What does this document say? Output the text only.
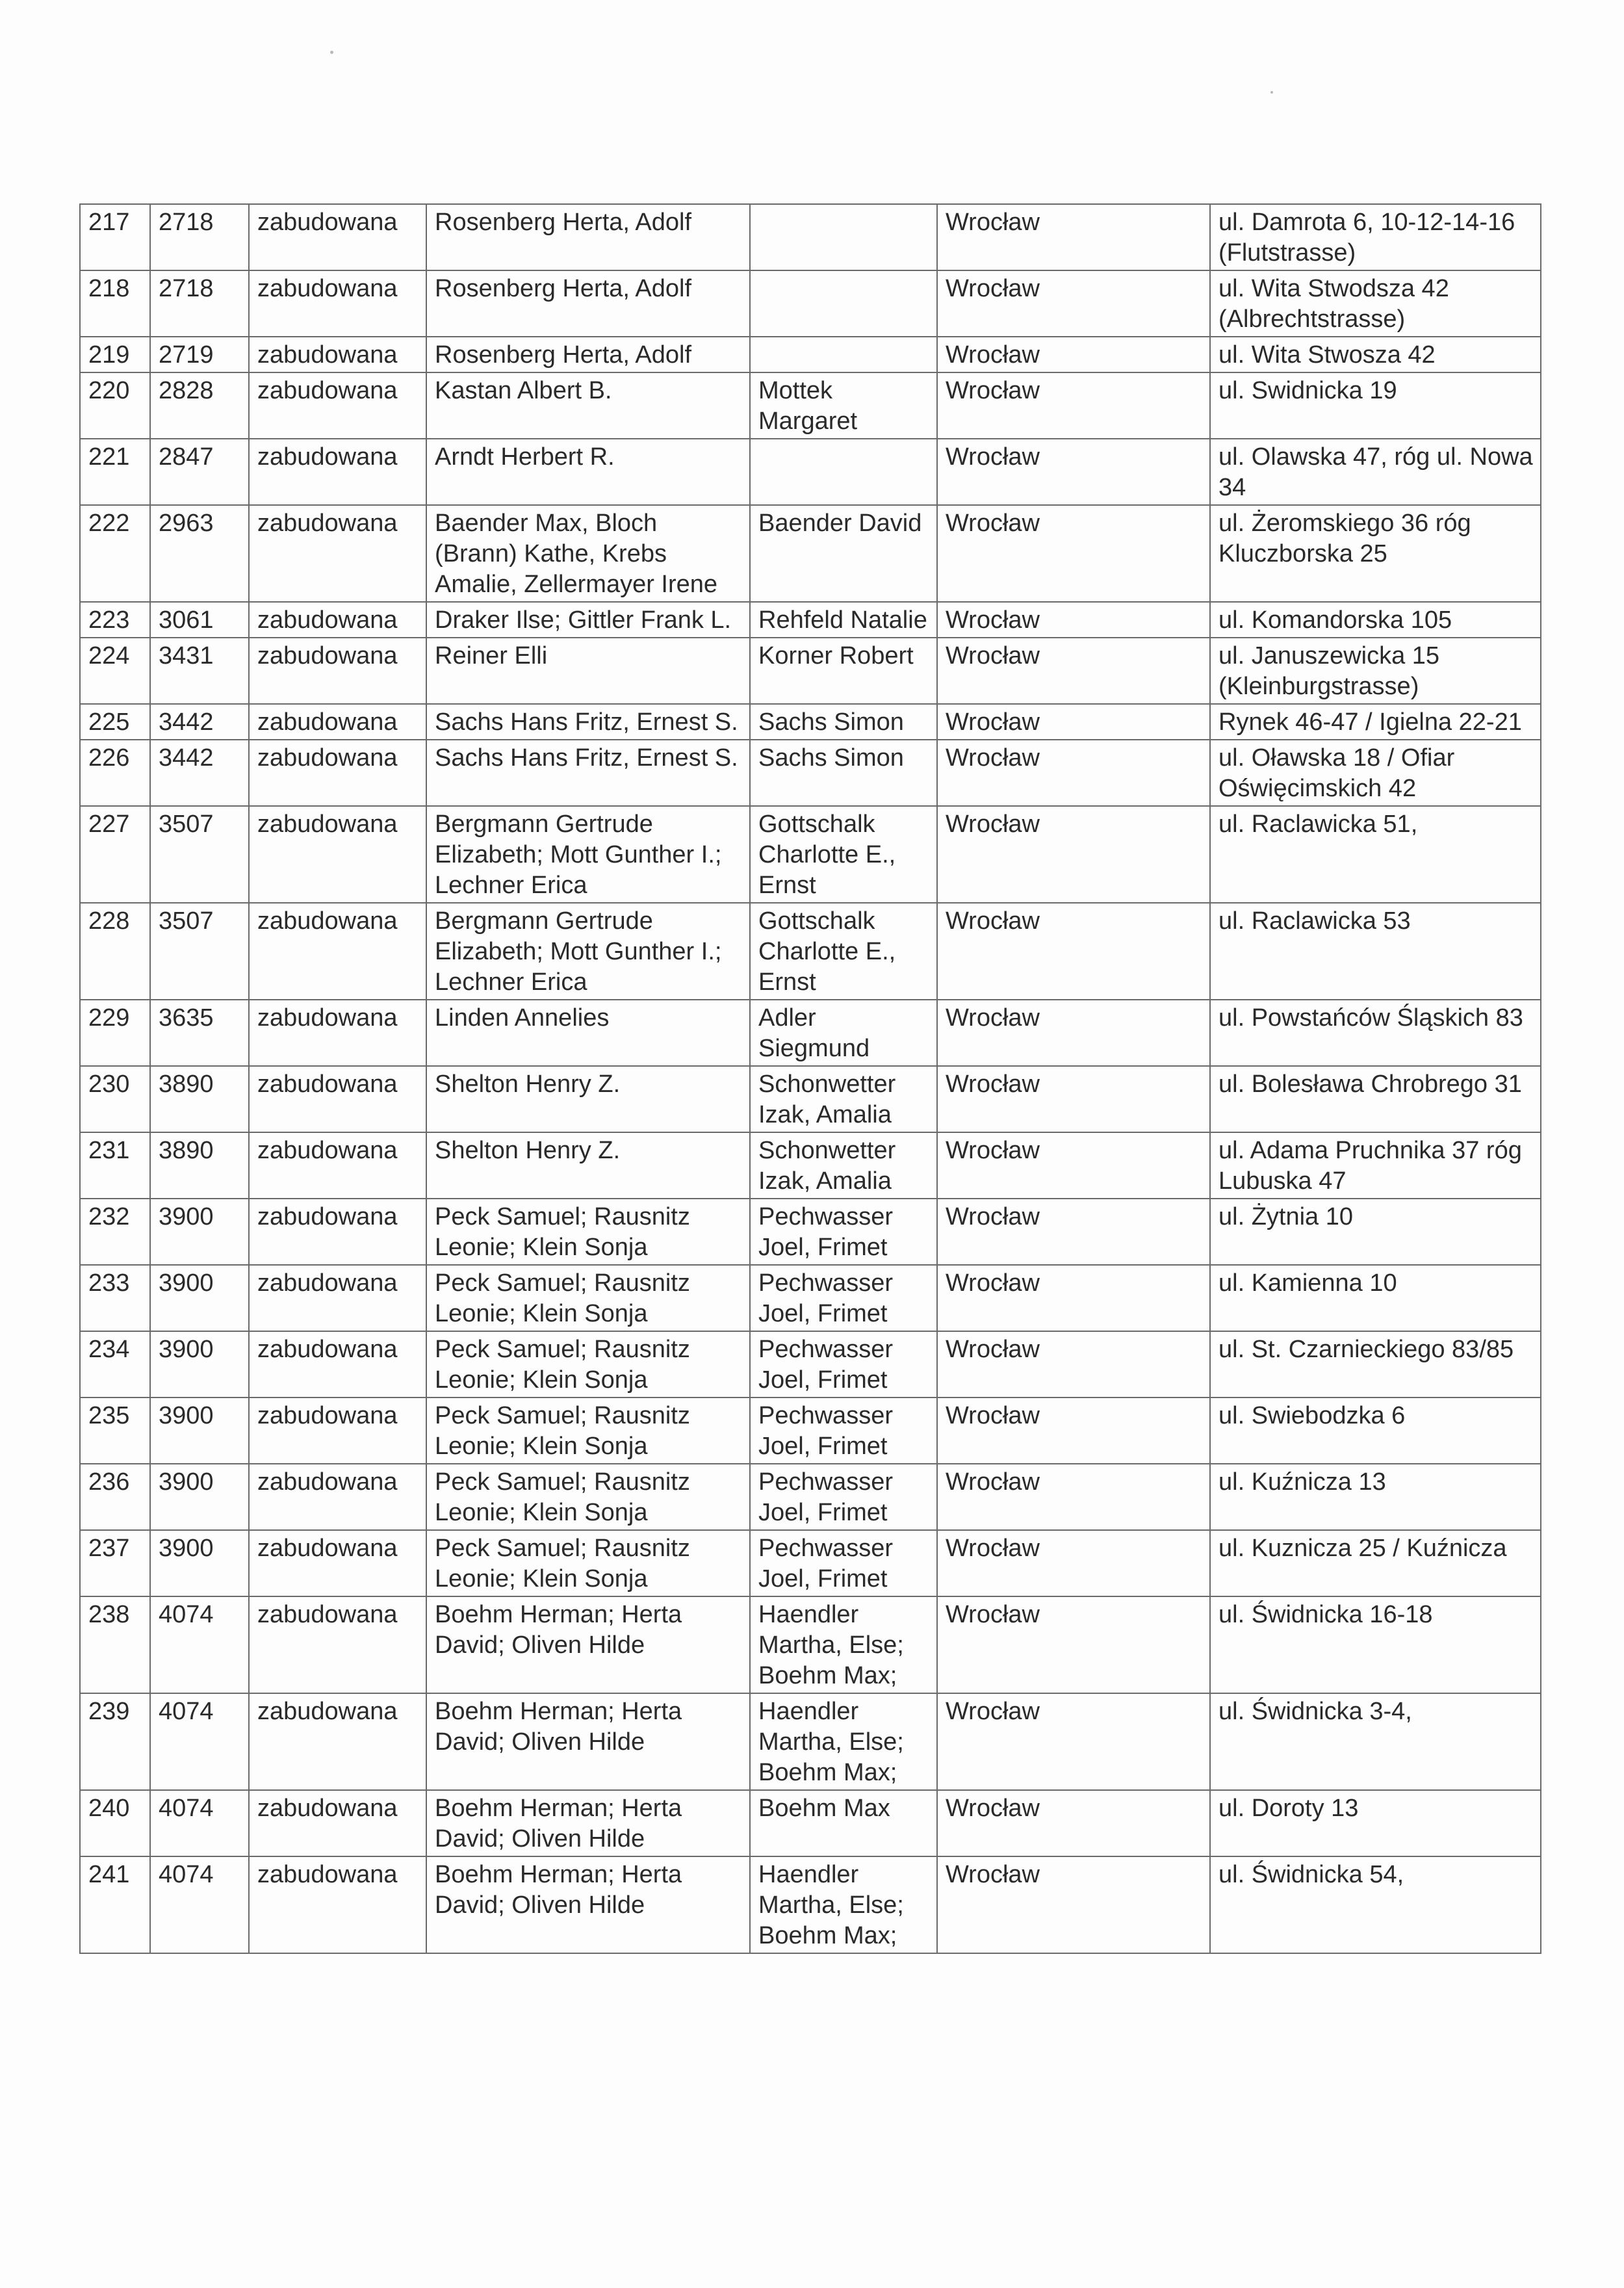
217	2718	zabudowana	Rosenberg Herta, Adolf		Wrocław	ul. Damrota 6, 10-12-14-16 (Flutstrasse)
218	2718	zabudowana	Rosenberg Herta, Adolf		Wrocław	ul. Wita Stwodsza 42 (Albrechtstrasse)
219	2719	zabudowana	Rosenberg Herta, Adolf		Wrocław	ul. Wita Stwosza 42
220	2828	zabudowana	Kastan Albert B.	Mottek Margaret	Wrocław	ul. Swidnicka 19
221	2847	zabudowana	Arndt Herbert R.		Wrocław	ul. Olawska 47, róg ul. Nowa 34
222	2963	zabudowana	Baender Max, Bloch (Brann) Kathe, Krebs Amalie, Zellermayer Irene	Baender David	Wrocław	ul. Żeromskiego 36 róg Kluczborska 25
223	3061	zabudowana	Draker Ilse; Gittler Frank L.	Rehfeld Natalie	Wrocław	ul. Komandorska 105
224	3431	zabudowana	Reiner Elli	Korner Robert	Wrocław	ul. Januszewicka 15 (Kleinburgstrasse)
225	3442	zabudowana	Sachs Hans Fritz, Ernest S.	Sachs Simon	Wrocław	Rynek 46-47 / Igielna 22-21
226	3442	zabudowana	Sachs Hans Fritz, Ernest S.	Sachs Simon	Wrocław	ul. Oławska 18 / Ofiar Oświęcimskich 42
227	3507	zabudowana	Bergmann Gertrude Elizabeth; Mott Gunther I.; Lechner Erica	Gottschalk Charlotte E., Ernst	Wrocław	ul. Raclawicka 51,
228	3507	zabudowana	Bergmann Gertrude Elizabeth; Mott Gunther I.; Lechner Erica	Gottschalk Charlotte E., Ernst	Wrocław	ul. Raclawicka 53
229	3635	zabudowana	Linden Annelies	Adler Siegmund	Wrocław	ul. Powstańców Śląskich 83
230	3890	zabudowana	Shelton Henry Z.	Schonwetter Izak, Amalia	Wrocław	ul. Bolesława Chrobrego 31
231	3890	zabudowana	Shelton Henry Z.	Schonwetter Izak, Amalia	Wrocław	ul. Adama Pruchnika 37 róg Lubuska 47
232	3900	zabudowana	Peck Samuel; Rausnitz Leonie; Klein Sonja	Pechwasser Joel, Frimet	Wrocław	ul. Żytnia 10
233	3900	zabudowana	Peck Samuel; Rausnitz Leonie; Klein Sonja	Pechwasser Joel, Frimet	Wrocław	ul. Kamienna 10
234	3900	zabudowana	Peck Samuel; Rausnitz Leonie; Klein Sonja	Pechwasser Joel, Frimet	Wrocław	ul. St. Czarnieckiego 83/85
235	3900	zabudowana	Peck Samuel; Rausnitz Leonie; Klein Sonja	Pechwasser Joel, Frimet	Wrocław	ul. Swiebodzka 6
236	3900	zabudowana	Peck Samuel; Rausnitz Leonie; Klein Sonja	Pechwasser Joel, Frimet	Wrocław	ul. Kuźnicza 13
237	3900	zabudowana	Peck Samuel; Rausnitz Leonie; Klein Sonja	Pechwasser Joel, Frimet	Wrocław	ul. Kuznicza 25 / Kuźnicza
238	4074	zabudowana	Boehm Herman; Herta David; Oliven Hilde	Haendler Martha, Else; Boehm Max;	Wrocław	ul. Świdnicka 16-18
239	4074	zabudowana	Boehm Herman; Herta David; Oliven Hilde	Haendler Martha, Else; Boehm Max;	Wrocław	ul. Świdnicka 3-4,
240	4074	zabudowana	Boehm Herman; Herta David; Oliven Hilde	Boehm Max	Wrocław	ul. Doroty 13
241	4074	zabudowana	Boehm Herman; Herta David; Oliven Hilde	Haendler Martha, Else; Boehm Max;	Wrocław	ul. Świdnicka 54,
